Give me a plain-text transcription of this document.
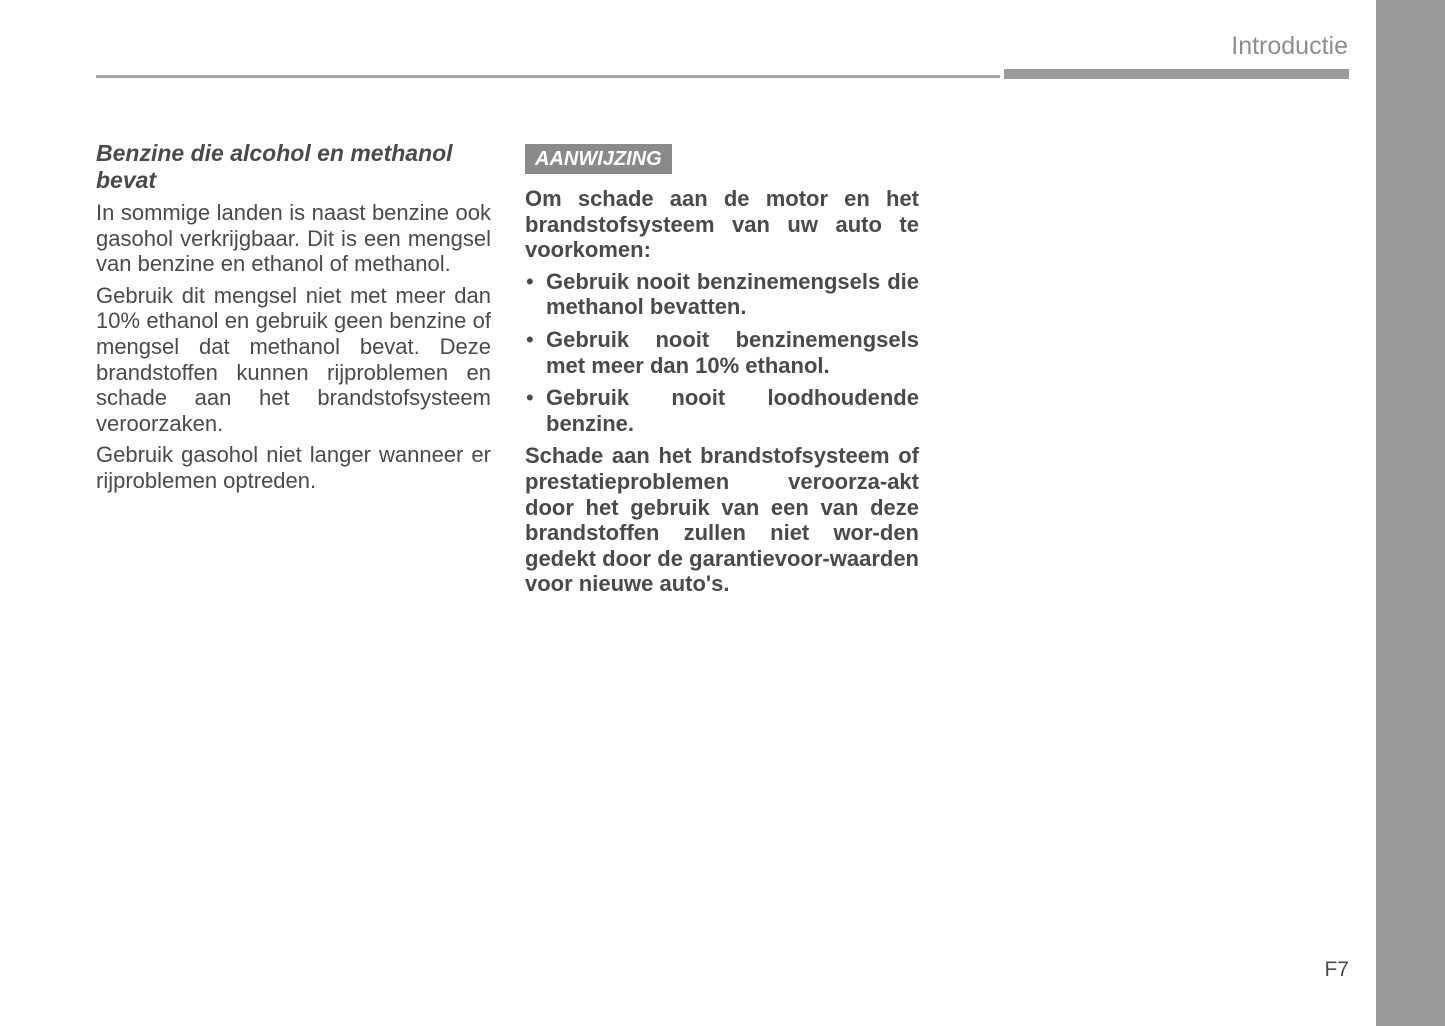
Introductie
Benzine die alcohol en methanol bevat

In sommige landen is naast benzine ook gasohol verkrijgbaar. Dit is een mengsel van benzine en ethanol of methanol.

Gebruik dit mengsel niet met meer dan 10% ethanol en gebruik geen benzine of mengsel dat methanol bevat. Deze brandstoffen kunnen rijproblemen en schade aan het brandstofsysteem veroorzaken.

Gebruik gasohol niet langer wanneer er rijproblemen optreden.

AANWIJZING

Om schade aan de motor en het brandstofsysteem van uw auto te voorkomen:

• Gebruik nooit benzinemengsels die methanol bevatten.
• Gebruik nooit benzinemengsels met meer dan 10% ethanol.
• Gebruik nooit loodhoudende benzine.

Schade aan het brandstofsysteem of prestatieproblemen veroorza-akt door het gebruik van een van deze brandstoffen zullen niet wor-den gedekt door de garantievoor-waarden voor nieuwe auto's.

F7
